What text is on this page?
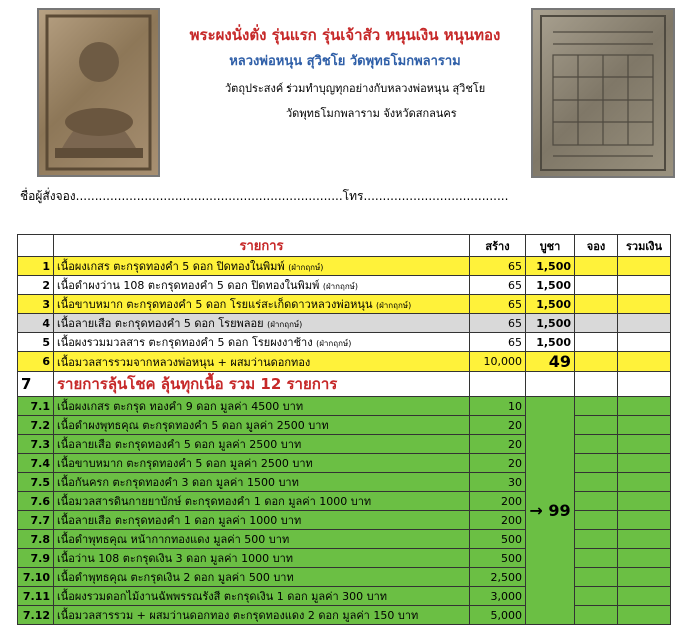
พระผงนั่งตั่ง รุ่นแรก รุ่นเจ้าสัว หนุนเงิน หนุนทอง
หลวงพ่อหนุน สุวิชโย วัดพุทธโมกพลาราม
วัตถุประสงค์ :
ร่วมทำบุญทุกอย่างกับหลวงพ่อหนุน สุวิชโย
วัดพุทธโมกพลาราม จังหวัดสกลนคร
ชื่อผู้สั่งจอง......................................................................โทร......................................
	รายการ	สร้าง	บูชา	จอง	รวมเงิน
1	เนื้อผงเกสร ตะกรุดทองคำ 5 ดอก ปิดทองในพิมพ์ (ฝ่ากฤกษ์)	65	1,500		
2	เนื้อดำผงว่าน 108 ตะกรุดทองคำ 5 ดอก ปิดทองในพิมพ์ (ฝ่ากฤกษ์)	65	1,500		
3	เนื้อขาบหมาก ตะกรุดทองคำ 5 ดอก โรยแร่สะเก็ดดาวหลวงพ่อหนุน (ฝ่ากฤกษ์)	65	1,500		
4	เนื้อลายเสือ ตะกรุดทองคำ 5 ดอก โรยพลอย (ฝ่ากฤกษ์)	65	1,500		
5	เนื้อผงรวมมวลสาร ตะกรุดทองคำ 5 ดอก โรยผงงาช้าง (ฝ่ากฤกษ์)	65	1,500		
6	เนื้อมวลสารรวมจากหลวงพ่อหนุน + ผสมว่านดอกทอง	10,000	49		
7	รายการลุ้นโชค ลุ้นทุกเนื้อ รวม 12 รายการ				
7.1	เนื้อผงเกสร ตะกรุด ทองคำ 9 ดอก มูลค่า 4500 บาท	10	→ 99		
7.2	เนื้อดำผงพุทธคุณ ตะกรุดทองคำ 5 ดอก มูลค่า 2500 บาท	20			
7.3	เนื้อลายเสือ ตะกรุดทองคำ 5 ดอก มูลค่า 2500 บาท	20			
7.4	เนื้อขาบหมาก ตะกรุดทองคำ 5 ดอก มูลค่า 2500 บาท	20			
7.5	เนื้อกันครก ตะกรุดทองคำ 3 ดอก มูลค่า 1500 บาท	30			
7.6	เนื้อมวลสารดินกายยาบักษ์ ตะกรุดทองคำ 1 ดอก มูลค่า 1000 บาท	200			
7.7	เนื้อลายเสือ ตะกรุดทองคำ 1 ดอก มูลค่า 1000 บาท	200			
7.8	เนื้อดำพุทธคุณ หน้ากากทองแดง มูลค่า 500 บาท	500			
7.9	เนื้อว่าน 108 ตะกรุดเงิน 3 ดอก มูลค่า 1000 บาท	500			
7.10	เนื้อดำพุทธคุณ ตะกรุดเงิน 2 ดอก มูลค่า 500 บาท	2,500			
7.11	เนื้อผงรวมดอกไม้งานฉัพพรรณรังสี ตะกรุดเงิน 1 ดอก มูลค่า 300 บาท	3,000			
7.12	เนื้อมวลสารรวม + ผสมว่านดอกทอง ตะกรุดทองแดง 2 ดอก มูลค่า 150 บาท	5,000			
